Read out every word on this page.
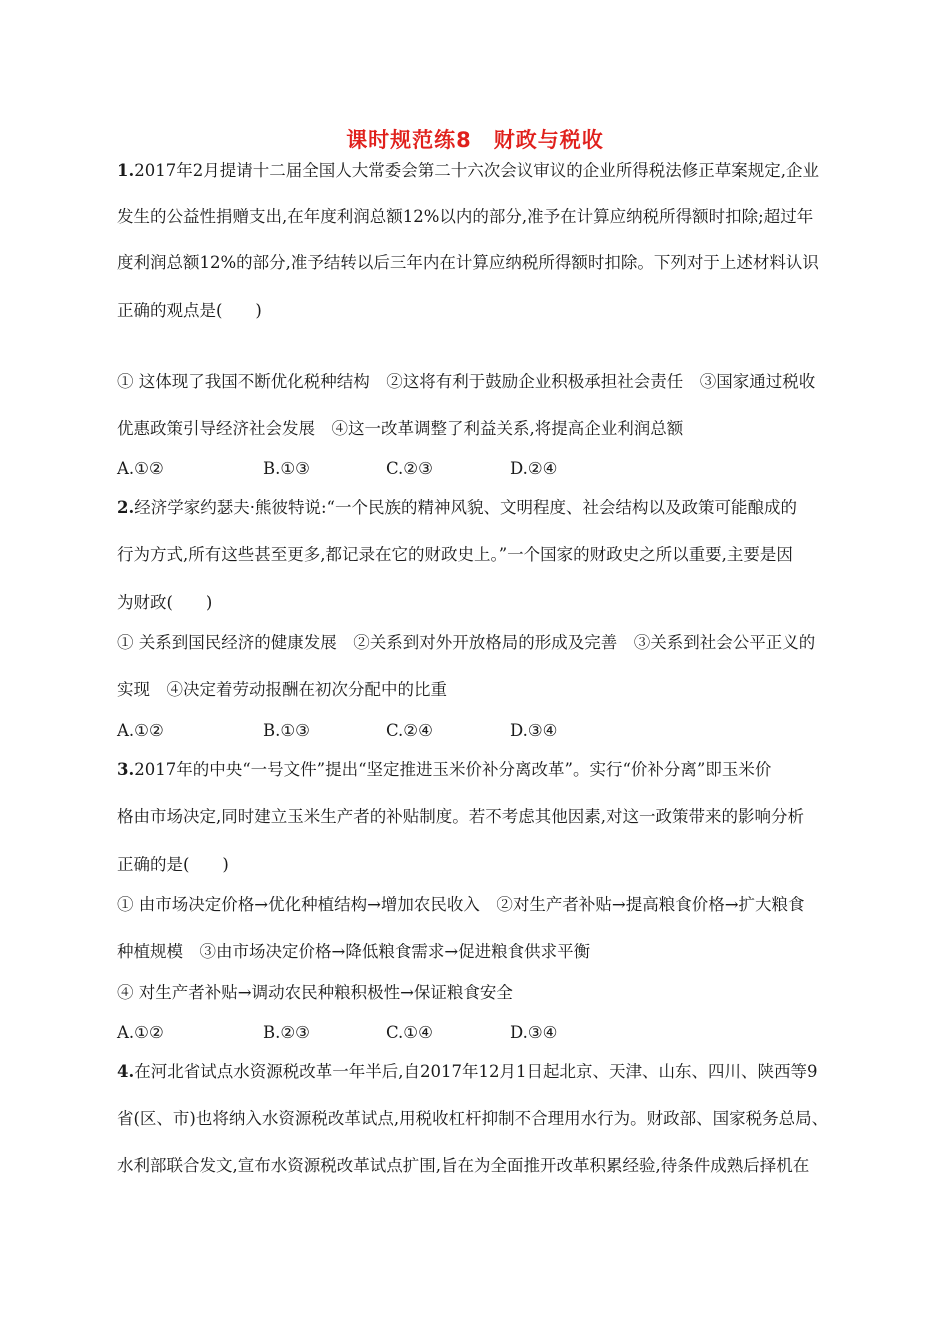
课时规范练8　财政与税收
1.2017年2月提请十二届全国人大常委会第二十六次会议审议的企业所得税法修正草案规定,企业
发生的公益性捐赠支出,在年度利润总额12%以内的部分,准予在计算应纳税所得额时扣除;超过年
度利润总额12%的部分,准予结转以后三年内在计算应纳税所得额时扣除。下列对于上述材料认识
正确的观点是(　　)
① 这体现了我国不断优化税种结构　②这将有利于鼓励企业积极承担社会责任　③国家通过税收
优惠政策引导经济社会发展　④这一改革调整了利益关系,将提高企业利润总额
A.①②	B.①③	C.②③	D.②④
2.经济学家约瑟夫·熊彼特说:“一个民族的精神风貌、文明程度、社会结构以及政策可能酿成的
行为方式,所有这些甚至更多,都记录在它的财政史上。”一个国家的财政史之所以重要,主要是因
为财政(　　)
① 关系到国民经济的健康发展　②关系到对外开放格局的形成及完善　③关系到社会公平正义的
实现　④决定着劳动报酬在初次分配中的比重
A.①②	B.①③	C.②④	D.③④
3.2017年的中央“一号文件”提出“坚定推进玉米价补分离改革”。实行“价补分离”即玉米价
格由市场决定,同时建立玉米生产者的补贴制度。若不考虑其他因素,对这一政策带来的影响分析
正确的是(　　)
① 由市场决定价格→优化种植结构→增加农民收入　②对生产者补贴→提高粮食价格→扩大粮食
种植规模　③由市场决定价格→降低粮食需求→促进粮食供求平衡
④ 对生产者补贴→调动农民种粮积极性→保证粮食安全
A.①②	B.②③	C.①④	D.③④
4.在河北省试点水资源税改革一年半后,自2017年12月1日起北京、天津、山东、四川、陕西等9
省(区、市)也将纳入水资源税改革试点,用税收杠杆抑制不合理用水行为。财政部、国家税务总局、
水利部联合发文,宣布水资源税改革试点扩围,旨在为全面推开改革积累经验,待条件成熟后择机在
